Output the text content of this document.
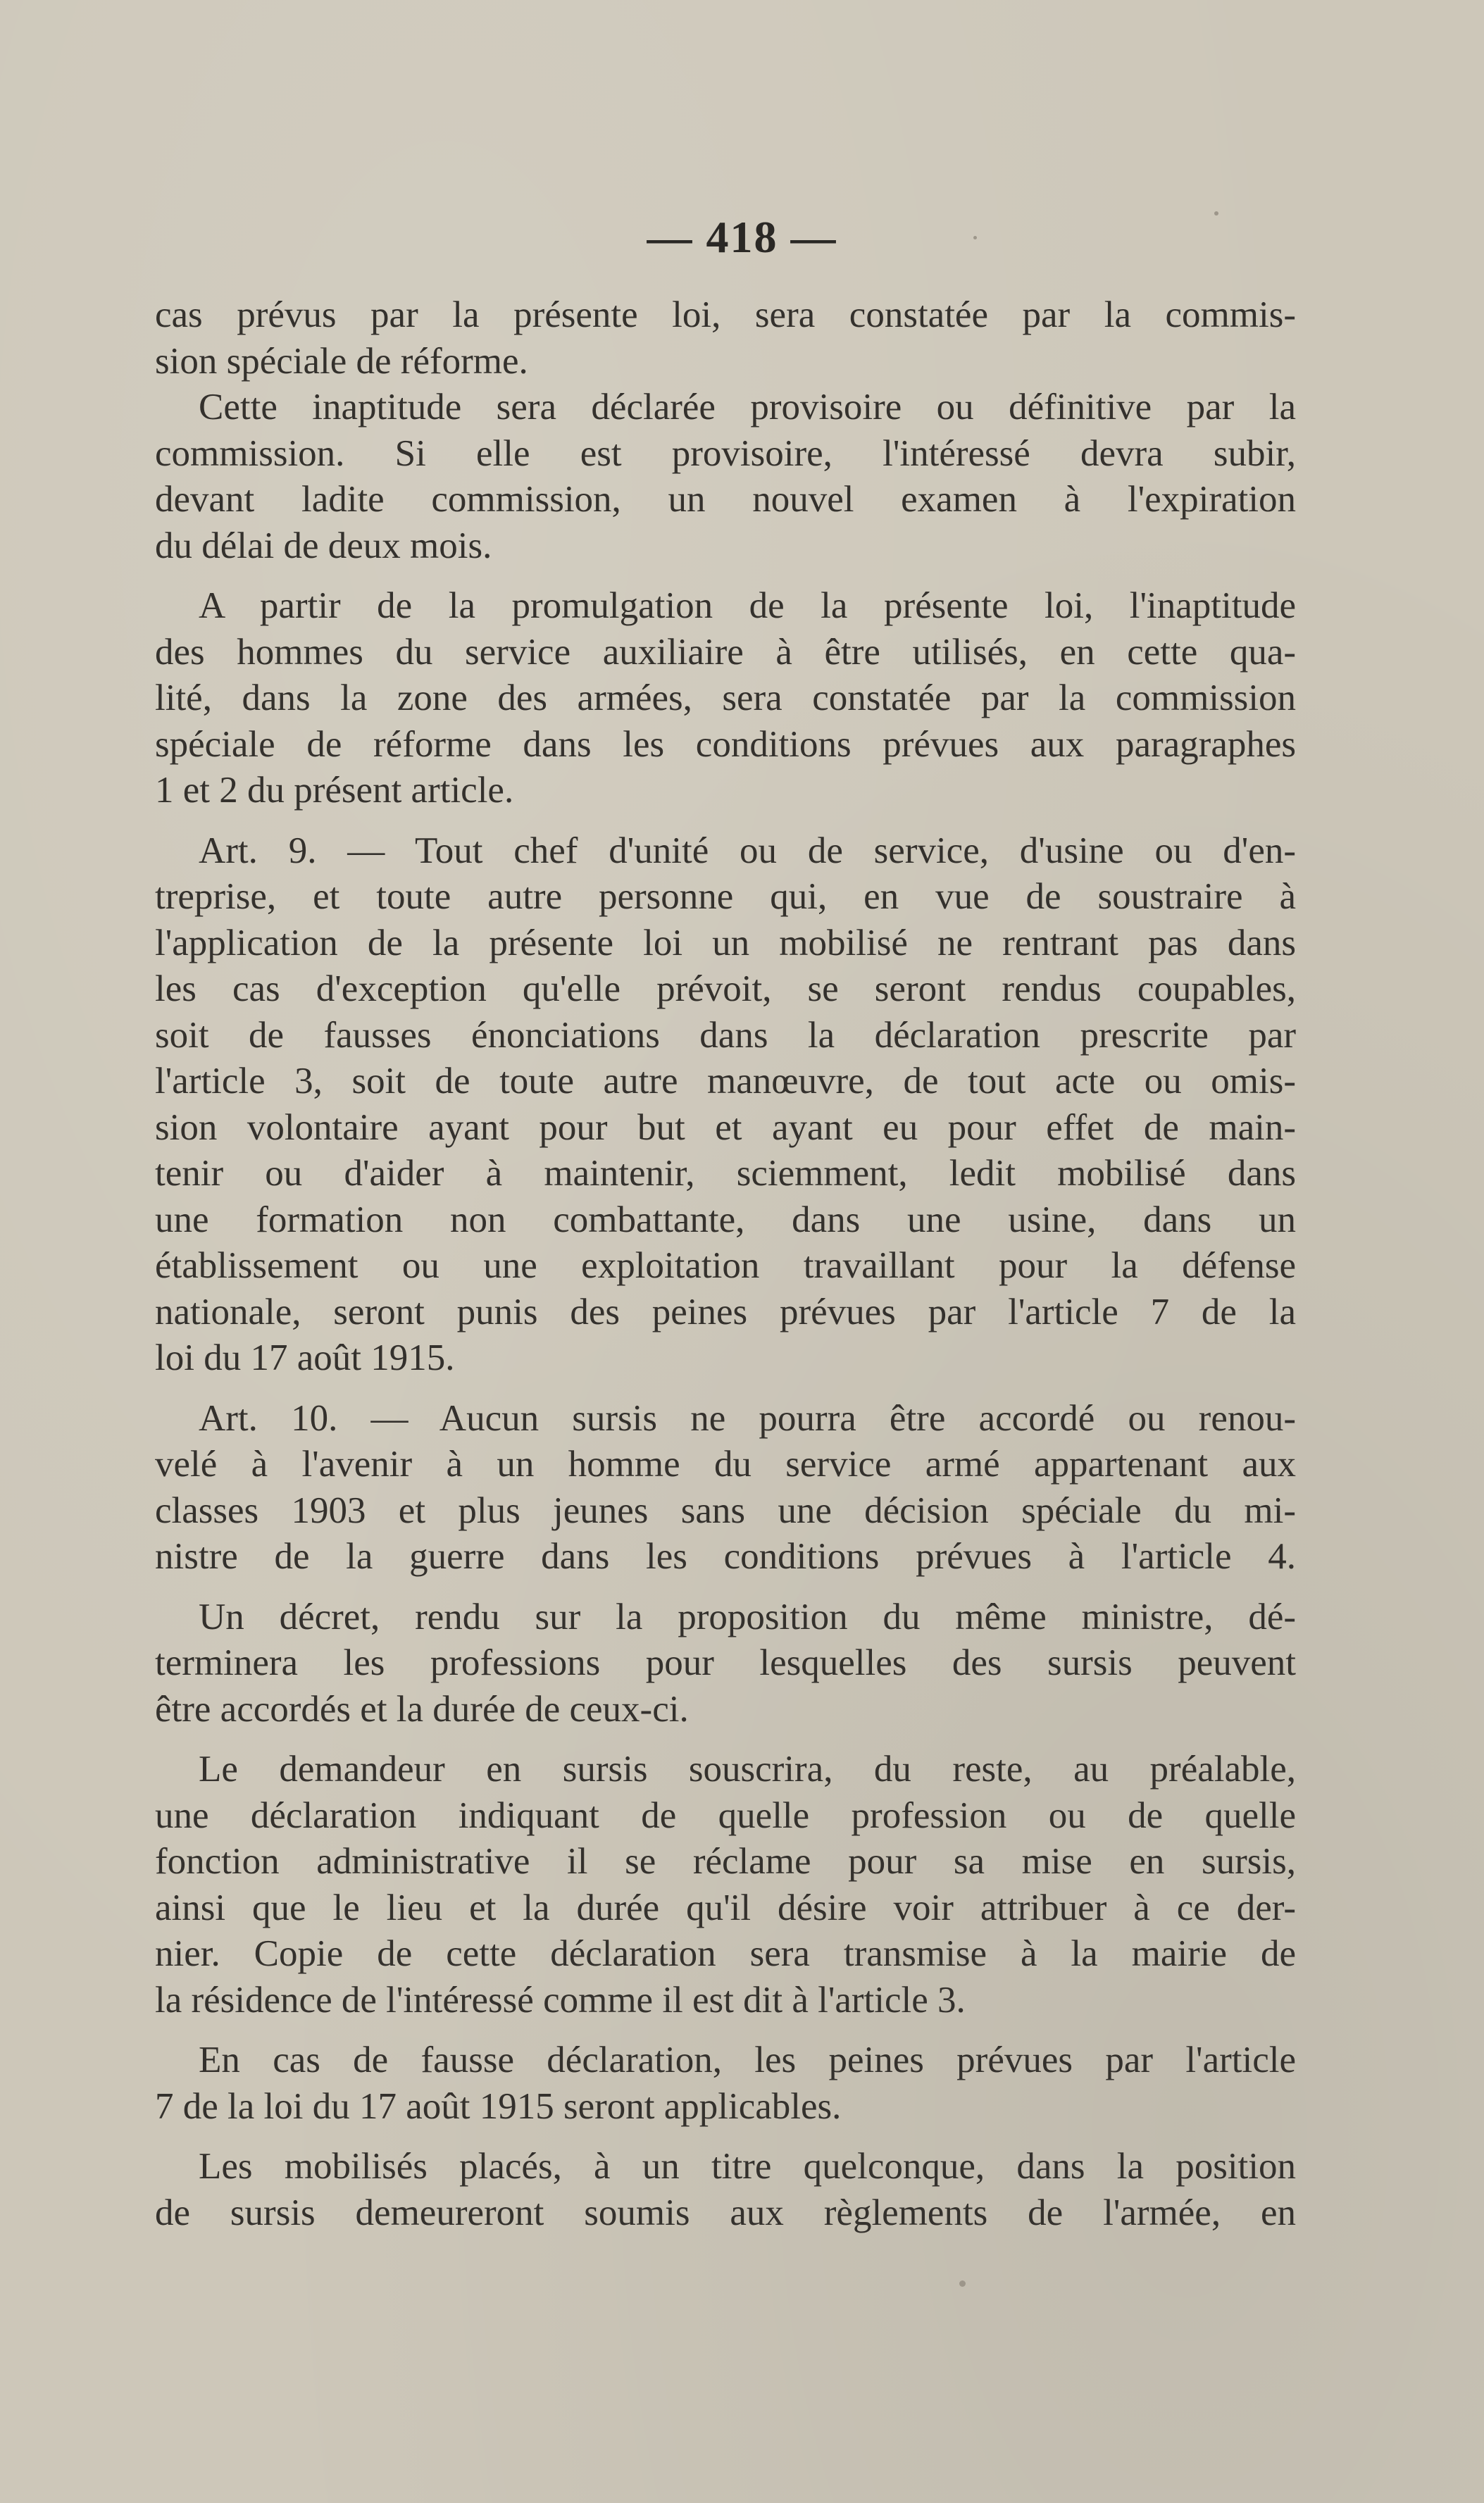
— 418 —

cas prévus par la présente loi, sera constatée par la commis-
sion spéciale de réforme.

Cette inaptitude sera déclarée provisoire ou définitive par la
commission. Si elle est provisoire, l'intéressé devra subir,
devant ladite commission, un nouvel examen à l'expiration
du délai de deux mois.

A partir de la promulgation de la présente loi, l'inaptitude
des hommes du service auxiliaire à être utilisés, en cette qua-
lité, dans la zone des armées, sera constatée par la commission
spéciale de réforme dans les conditions prévues aux paragraphes
1 et 2 du présent article.

Art. 9. — Tout chef d'unité ou de service, d'usine ou d'en-
treprise, et toute autre personne qui, en vue de soustraire à
l'application de la présente loi un mobilisé ne rentrant pas dans
les cas d'exception qu'elle prévoit, se seront rendus coupables,
soit de fausses énonciations dans la déclaration prescrite par
l'article 3, soit de toute autre manœuvre, de tout acte ou omis-
sion volontaire ayant pour but et ayant eu pour effet de main-
tenir ou d'aider à maintenir, sciemment, ledit mobilisé dans
une formation non combattante, dans une usine, dans un
établissement ou une exploitation travaillant pour la défense
nationale, seront punis des peines prévues par l'article 7 de la
loi du 17 août 1915.

Art. 10. — Aucun sursis ne pourra être accordé ou renou-
velé à l'avenir à un homme du service armé appartenant aux
classes 1903 et plus jeunes sans une décision spéciale du mi-
nistre de la guerre dans les conditions prévues à l'article 4.

Un décret, rendu sur la proposition du même ministre, dé-
terminera les professions pour lesquelles des sursis peuvent
être accordés et la durée de ceux-ci.

Le demandeur en sursis souscrira, du reste, au préalable,
une déclaration indiquant de quelle profession ou de quelle
fonction administrative il se réclame pour sa mise en sursis,
ainsi que le lieu et la durée qu'il désire voir attribuer à ce der-
nier. Copie de cette déclaration sera transmise à la mairie de
la résidence de l'intéressé comme il est dit à l'article 3.

En cas de fausse déclaration, les peines prévues par l'article
7 de la loi du 17 août 1915 seront applicables.

Les mobilisés placés, à un titre quelconque, dans la position
de sursis demeureront soumis aux règlements de l'armée, en
